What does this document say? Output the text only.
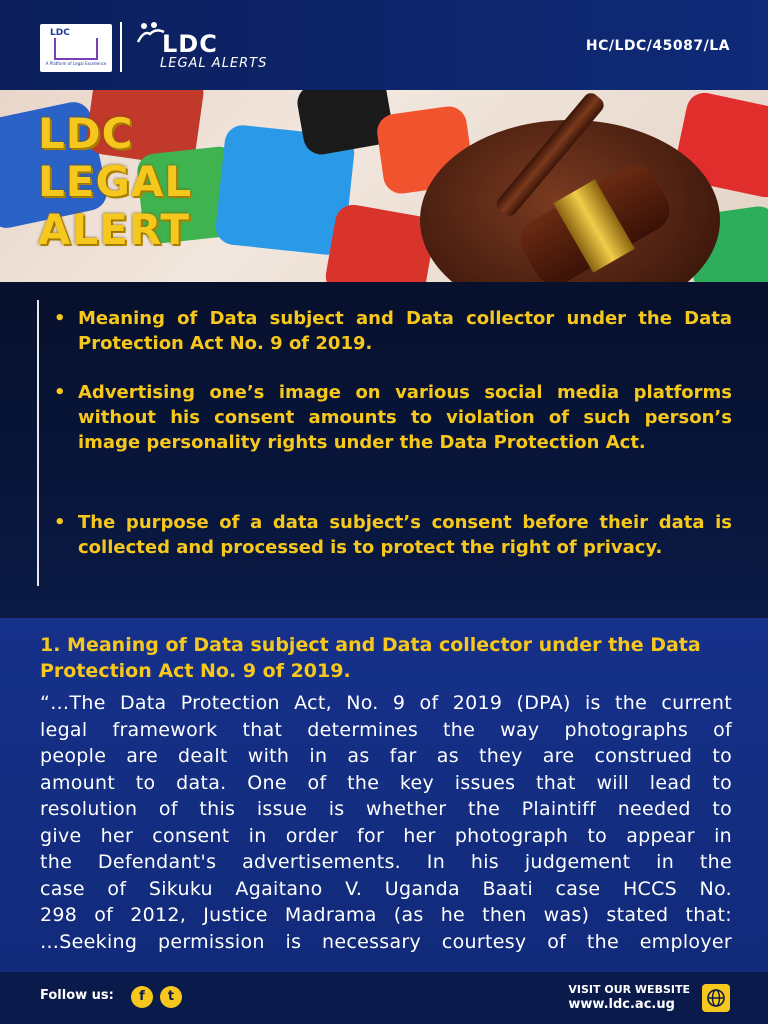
LDC
A Platform of Legal Excellence
LDC
LEGAL ALERTS
HC/LDC/45087/LA
LDC
LEGAL
ALERT
• Meaning of Data subject and Data collector under the Data Protection Act No. 9 of 2019.
• Advertising one’s image on various social media platforms without his consent amounts to violation of such person’s image personality rights under the Data Protection Act.
• The purpose of a data subject’s consent before their data is collected and processed is to protect the right of privacy.
1. Meaning of Data subject and Data collector under the Data Protection Act No. 9 of 2019.
“…The Data Protection Act, No. 9 of 2019 (DPA) is the current
legal framework that determines the way photographs of
people are dealt with in as far as they are construed to
amount to data. One of the key issues that will lead to
resolution of this issue is whether the Plaintiff needed to
give her consent in order for her photograph to appear in
the Defendant's advertisements. In his judgement in the
case of Sikuku Agaitano V. Uganda Baati case HCCS No.
298 of 2012, Justice Madrama (as he then was) stated that:
…Seeking permission is necessary courtesy of the employer
Follow us:	f	t	VISIT OUR WEBSITE
www.ldc.ac.ug
